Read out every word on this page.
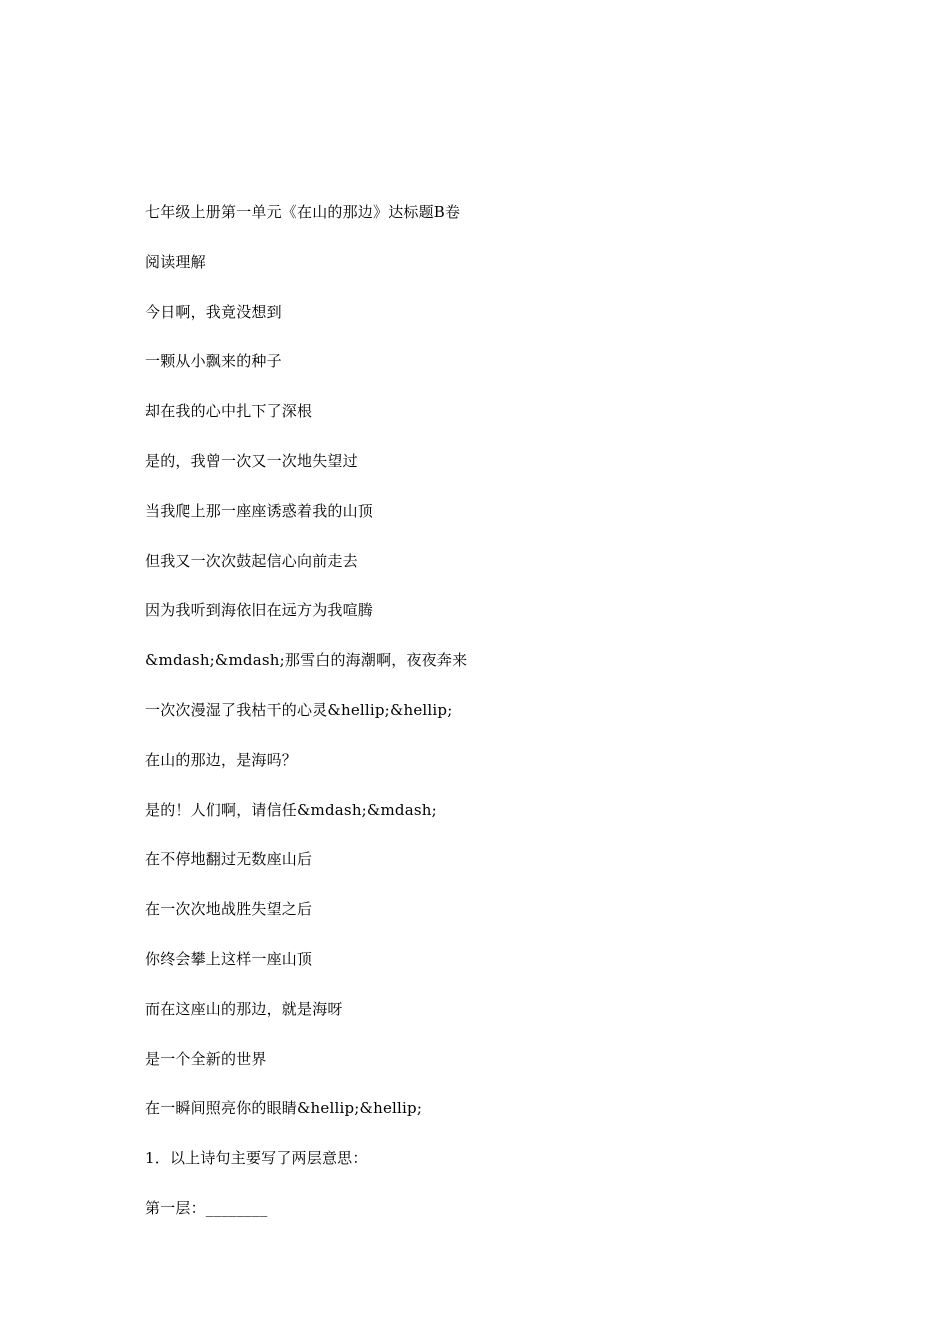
七年级上册第一单元《在山的那边》达标题B卷
阅读理解
今日啊，我竟没想到
一颗从小飘来的种子
却在我的心中扎下了深根
是的，我曾一次又一次地失望过
当我爬上那一座座诱惑着我的山顶
但我又一次次鼓起信心向前走去
因为我听到海依旧在远方为我喧腾
&mdash;&mdash;那雪白的海潮啊，夜夜奔来
一次次漫湿了我枯干的心灵&hellip;&hellip;
在山的那边，是海吗？
是的！人们啊，请信任&mdash;&mdash;
在不停地翻过无数座山后
在一次次地战胜失望之后
你终会攀上这样一座山顶
而在这座山的那边，就是海呀
是一个全新的世界
在一瞬间照亮你的眼睛&hellip;&hellip;
1．以上诗句主要写了两层意思：
第一层：________
